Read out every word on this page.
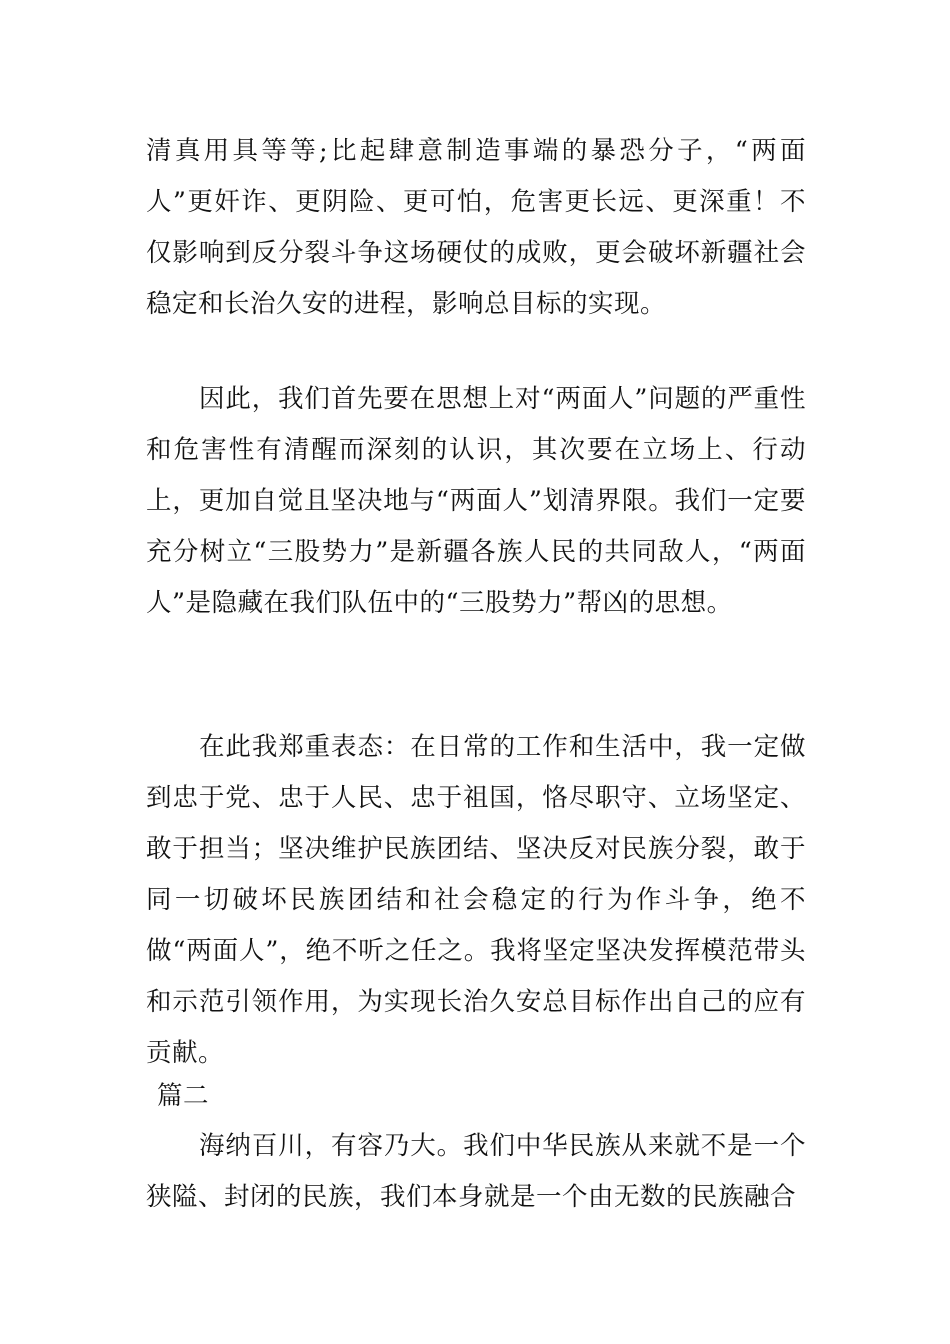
清真用具等等;比起肆意制造事端的暴恐分子，“两面人”更奸诈、更阴险、更可怕，危害更长远、更深重！不仅影响到反分裂斗争这场硬仗的成败，更会破坏新疆社会稳定和长治久安的进程，影响总目标的实现。

因此，我们首先要在思想上对“两面人”问题的严重性和危害性有清醒而深刻的认识，其次要在立场上、行动上，更加自觉且坚决地与“两面人”划清界限。我们一定要充分树立“三股势力”是新疆各族人民的共同敌人，“两面人”是隐藏在我们队伍中的“三股势力”帮凶的思想。

在此我郑重表态：在日常的工作和生活中，我一定做到忠于党、忠于人民、忠于祖国，恪尽职守、立场坚定、敢于担当；坚决维护民族团结、坚决反对民族分裂，敢于同一切破坏民族团结和社会稳定的行为作斗争，绝不做“两面人”，绝不听之任之。我将坚定坚决发挥模范带头和示范引领作用，为实现长治久安总目标作出自己的应有贡献。

篇二

海纳百川，有容乃大。我们中华民族从来就不是一个狭隘、封闭的民族，我们本身就是一个由无数的民族融合
